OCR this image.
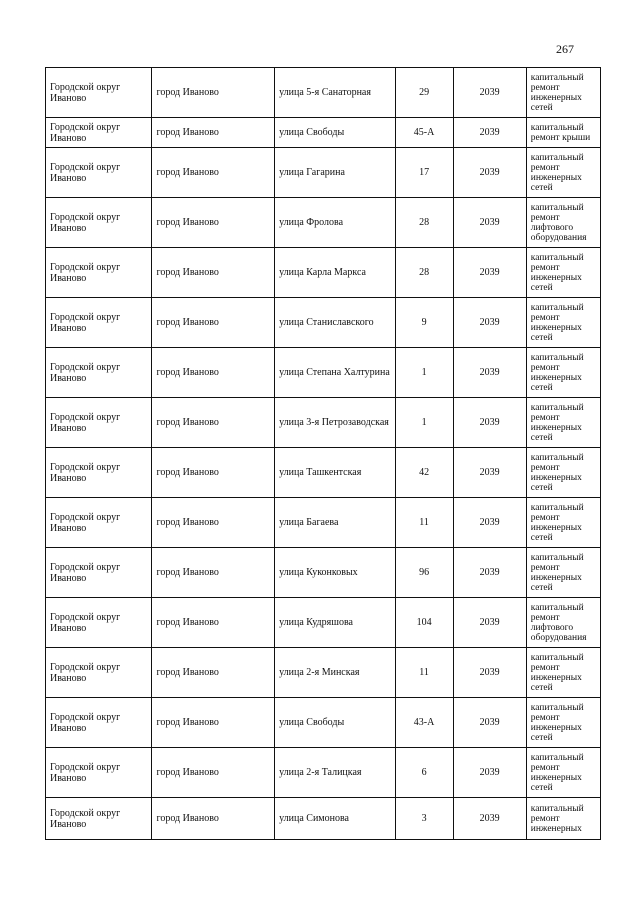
267
Городской округ Иваново	город Иваново	улица 5-я Санаторная	29	2039	капитальный ремонт инженерных сетей
Городской округ Иваново	город Иваново	улица Свободы	45-А	2039	капитальный ремонт крыши
Городской округ Иваново	город Иваново	улица Гагарина	17	2039	капитальный ремонт инженерных сетей
Городской округ Иваново	город Иваново	улица Фролова	28	2039	капитальный ремонт лифтового оборудования
Городской округ Иваново	город Иваново	улица Карла Маркса	28	2039	капитальный ремонт инженерных сетей
Городской округ Иваново	город Иваново	улица Станиславского	9	2039	капитальный ремонт инженерных сетей
Городской округ Иваново	город Иваново	улица Степана Халтурина	1	2039	капитальный ремонт инженерных сетей
Городской округ Иваново	город Иваново	улица 3-я Петрозаводская	1	2039	капитальный ремонт инженерных сетей
Городской округ Иваново	город Иваново	улица Ташкентская	42	2039	капитальный ремонт инженерных сетей
Городской округ Иваново	город Иваново	улица Багаева	11	2039	капитальный ремонт инженерных сетей
Городской округ Иваново	город Иваново	улица Куконковых	96	2039	капитальный ремонт инженерных сетей
Городской округ Иваново	город Иваново	улица Кудряшова	104	2039	капитальный ремонт лифтового оборудования
Городской округ Иваново	город Иваново	улица 2-я Минская	11	2039	капитальный ремонт инженерных сетей
Городской округ Иваново	город Иваново	улица Свободы	43-А	2039	капитальный ремонт инженерных сетей
Городской округ Иваново	город Иваново	улица 2-я Талицкая	6	2039	капитальный ремонт инженерных сетей
Городской округ Иваново	город Иваново	улица Симонова	3	2039	капитальный ремонт инженерных
